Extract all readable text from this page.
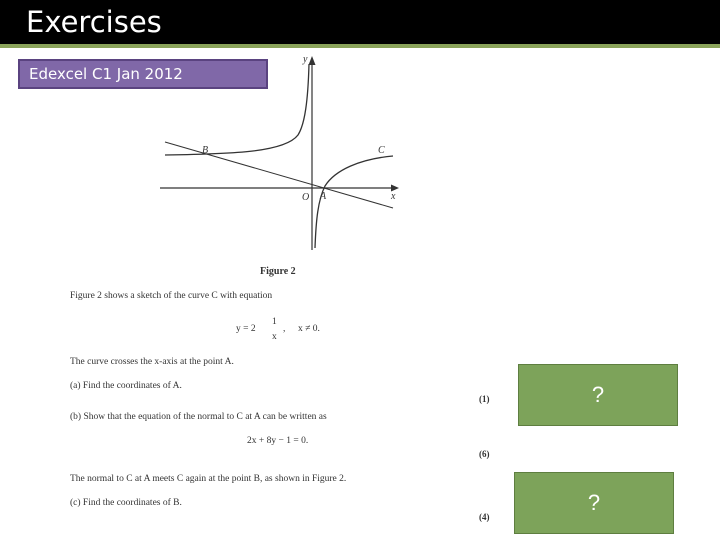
Exercises
Edexcel C1 Jan 2012
y
x
O A
B	C
Figure 2
Figure 2 shows a sketch of the curve C with equation
y = 2
1
x
, x ≠ 0.
The curve crosses the x-axis at the point A.
(a) Find the coordinates of A.
(1)
(b) Show that the equation of the normal to C at A can be written as
2x + 8y − 1 = 0.
(6)
The normal to C at A meets C again at the point B, as shown in Figure 2.
(c) Find the coordinates of B.
(4)
?
?
